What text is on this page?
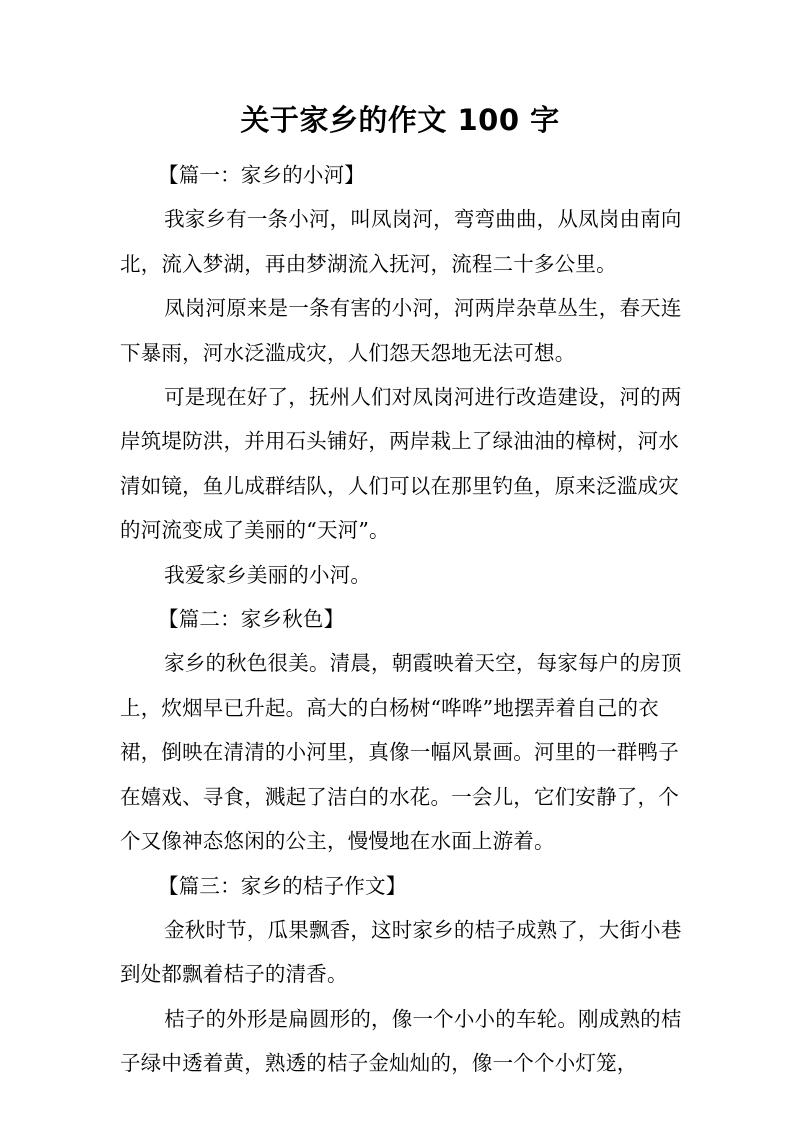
关于家乡的作文 100 字
【篇一：家乡的小河】

我家乡有一条小河，叫凤岗河，弯弯曲曲，从凤岗由南向北，流入梦湖，再由梦湖流入抚河，流程二十多公里。

凤岗河原来是一条有害的小河，河两岸杂草丛生，春天连下暴雨，河水泛滥成灾，人们怨天怨地无法可想。

可是现在好了，抚州人们对凤岗河进行改造建设，河的两岸筑堤防洪，并用石头铺好，两岸栽上了绿油油的樟树，河水清如镜，鱼儿成群结队，人们可以在那里钓鱼，原来泛滥成灾的河流变成了美丽的“天河”。

我爱家乡美丽的小河。

【篇二：家乡秋色】

家乡的秋色很美。清晨，朝霞映着天空，每家每户的房顶上，炊烟早已升起。高大的白杨树“哗哗”地摆弄着自己的衣裙，倒映在清清的小河里，真像一幅风景画。河里的一群鸭子在嬉戏、寻食，溅起了洁白的水花。一会儿，它们安静了，个个又像神态悠闲的公主，慢慢地在水面上游着。

【篇三：家乡的桔子作文】

金秋时节，瓜果飘香，这时家乡的桔子成熟了，大街小巷到处都飘着桔子的清香。

桔子的外形是扁圆形的，像一个小小的车轮。刚成熟的桔子绿中透着黄，熟透的桔子金灿灿的，像一个个小灯笼，
